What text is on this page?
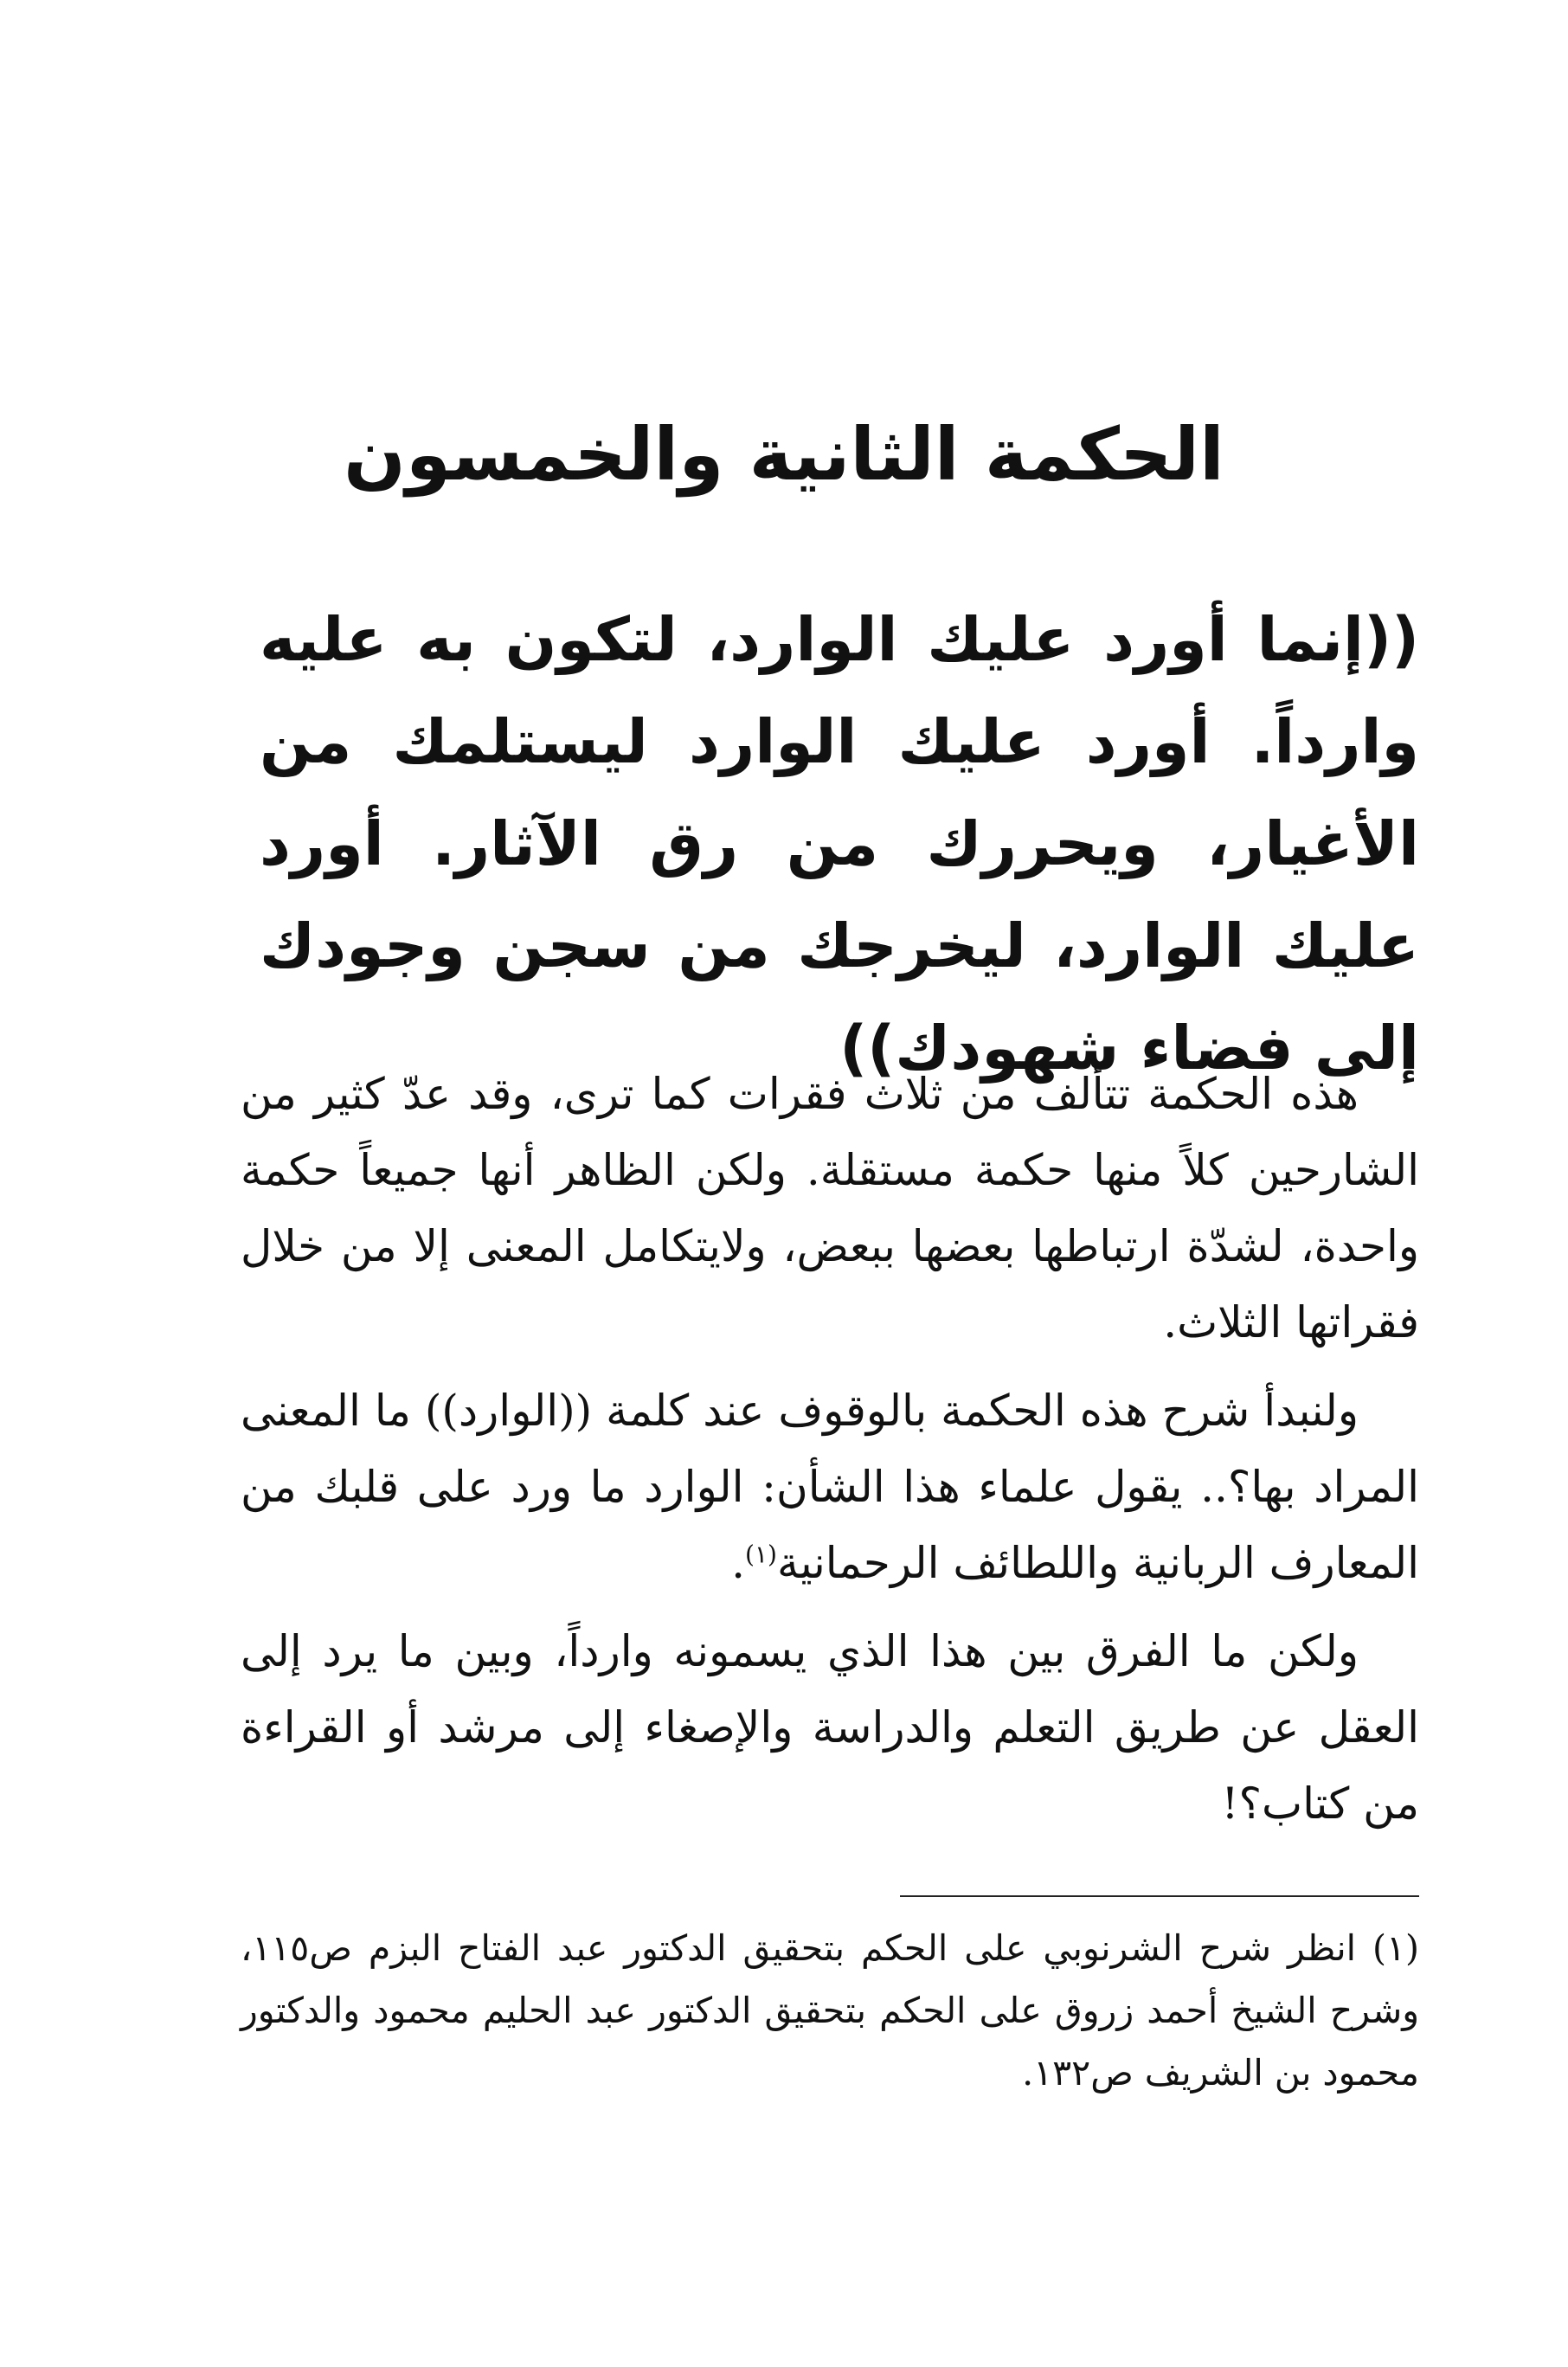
الحكمة الثانية والخمسون
((إنما أورد عليك الوارد، لتكون به عليه وارداً. أورد عليك الوارد ليستلمك من الأغيار، ويحررك من رق الآثار. أورد عليك الوارد، ليخرجك من سجن وجودك إلى فضاء شهودك))

هذه الحكمة تتألف من ثلاث فقرات كما ترى، وقد عدّ كثير من الشارحين كلاً منها حكمة مستقلة. ولكن الظاهر أنها جميعاً حكمة واحدة، لشدّة ارتباطها بعضها ببعض، ولايتكامل المعنى إلا من خلال فقراتها الثلاث.

ولنبدأ شرح هذه الحكمة بالوقوف عند كلمة ((الوارد)) ما المعنى المراد بها؟.. يقول علماء هذا الشأن: الوارد ما ورد على قلبك من المعارف الربانية واللطائف الرحمانية$^{(١)}$.

ولكن ما الفرق بين هذا الذي يسمونه وارداً، وبين ما يرد إلى العقل عن طريق التعلم والدراسة والإصغاء إلى مرشد أو القراءة من كتاب؟!

(١) انظر شرح الشرنوبي على الحكم بتحقيق الدكتور عبد الفتاح البزم ص١١٥، وشرح الشيخ أحمد زروق على الحكم بتحقيق الدكتور عبد الحليم محمود والدكتور محمود بن الشريف ص١٣٢.
